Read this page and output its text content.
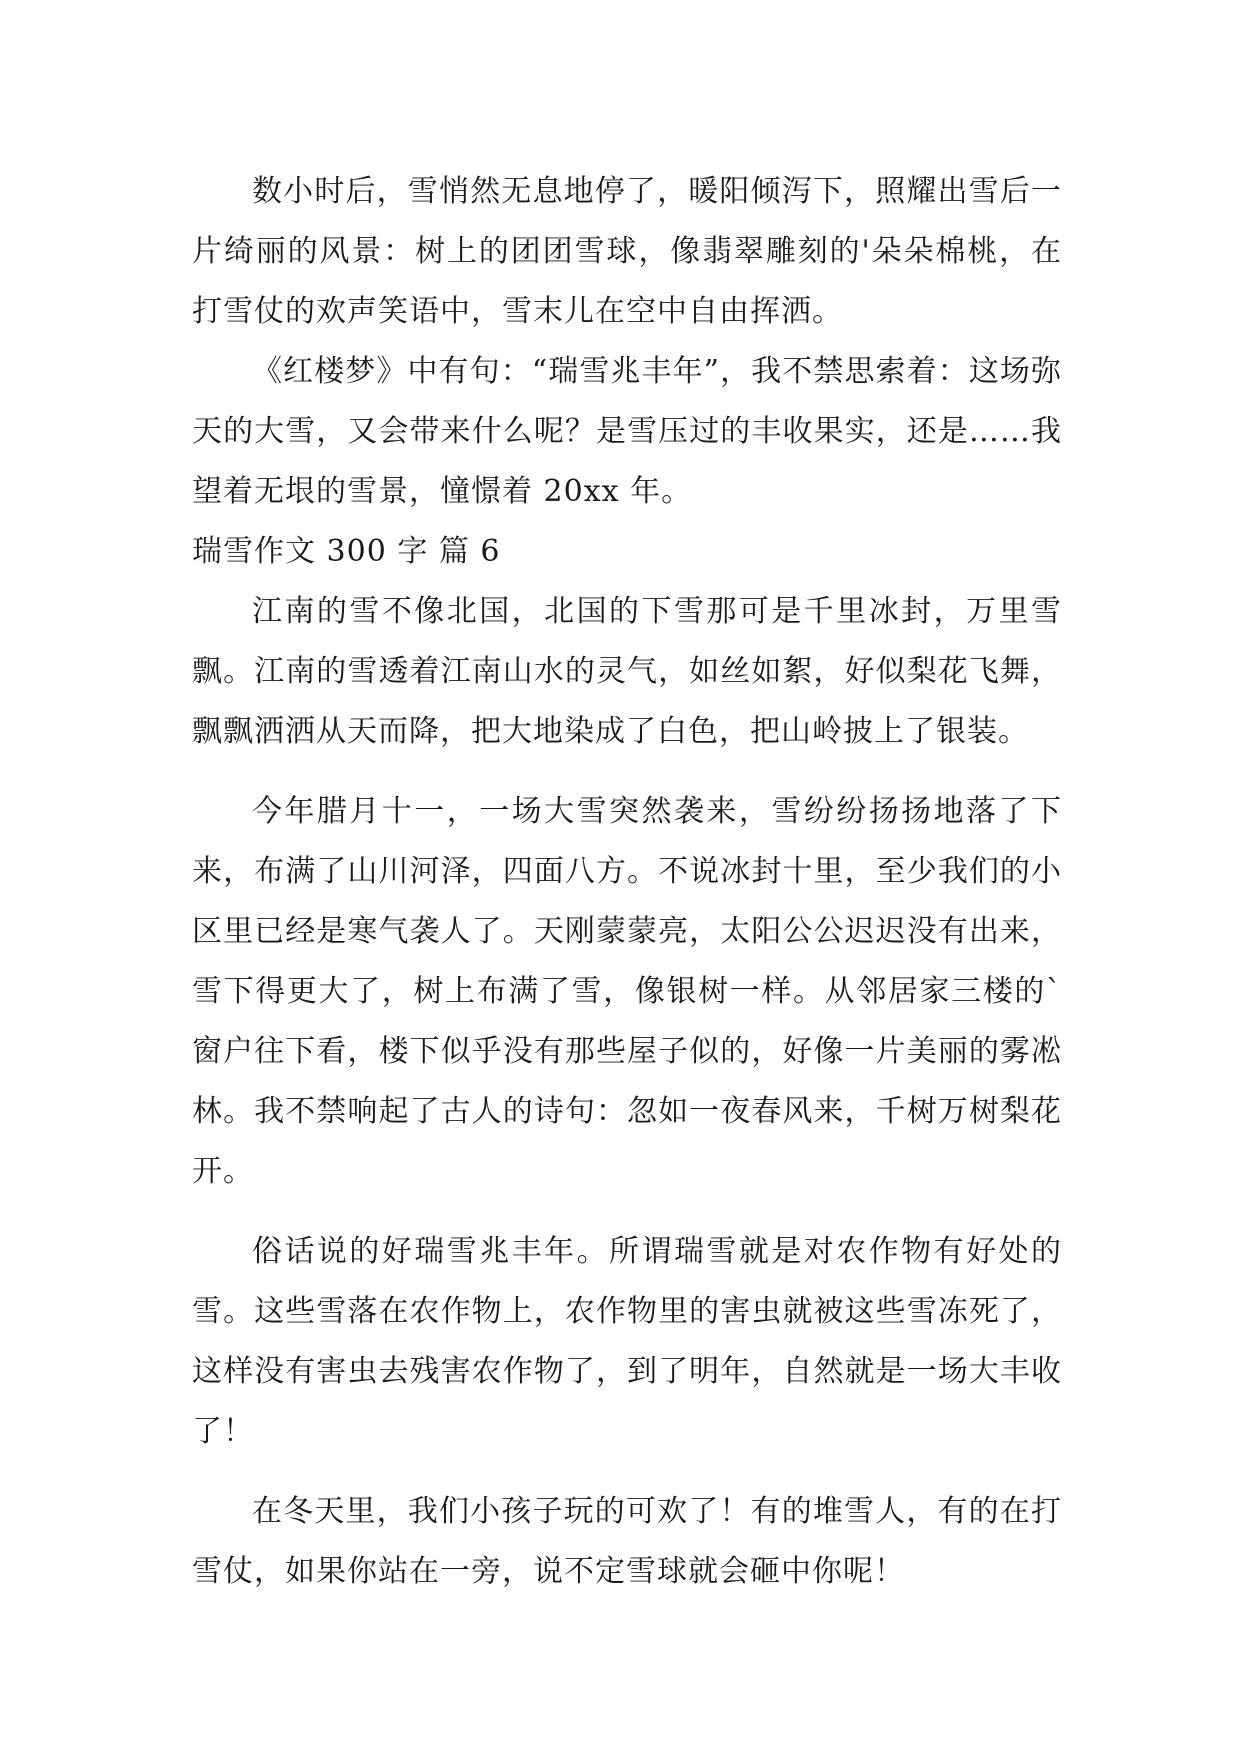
数小时后，雪悄然无息地停了，暖阳倾泻下，照耀出雪后一片绮丽的风景：树上的团团雪球，像翡翠雕刻的'朵朵棉桃，在打雪仗的欢声笑语中，雪末儿在空中自由挥洒。

《红楼梦》中有句：“瑞雪兆丰年”，我不禁思索着：这场弥天的大雪，又会带来什么呢？是雪压过的丰收果实，还是……我望着无垠的雪景，憧憬着 20xx 年。

瑞雪作文 300 字 篇 6

江南的雪不像北国，北国的下雪那可是千里冰封，万里雪飘。江南的雪透着江南山水的灵气，如丝如絮，好似梨花飞舞，飘飘洒洒从天而降，把大地染成了白色，把山岭披上了银装。

今年腊月十一，一场大雪突然袭来，雪纷纷扬扬地落了下来，布满了山川河泽，四面八方。不说冰封十里，至少我们的小区里已经是寒气袭人了。天刚蒙蒙亮，太阳公公迟迟没有出来，雪下得更大了，树上布满了雪，像银树一样。从邻居家三楼的`窗户往下看，楼下似乎没有那些屋子似的，好像一片美丽的雾凇林。我不禁响起了古人的诗句：忽如一夜春风来，千树万树梨花开。

俗话说的好瑞雪兆丰年。所谓瑞雪就是对农作物有好处的雪。这些雪落在农作物上，农作物里的害虫就被这些雪冻死了，这样没有害虫去残害农作物了，到了明年，自然就是一场大丰收了！

在冬天里，我们小孩子玩的可欢了！有的堆雪人，有的在打雪仗，如果你站在一旁，说不定雪球就会砸中你呢！
